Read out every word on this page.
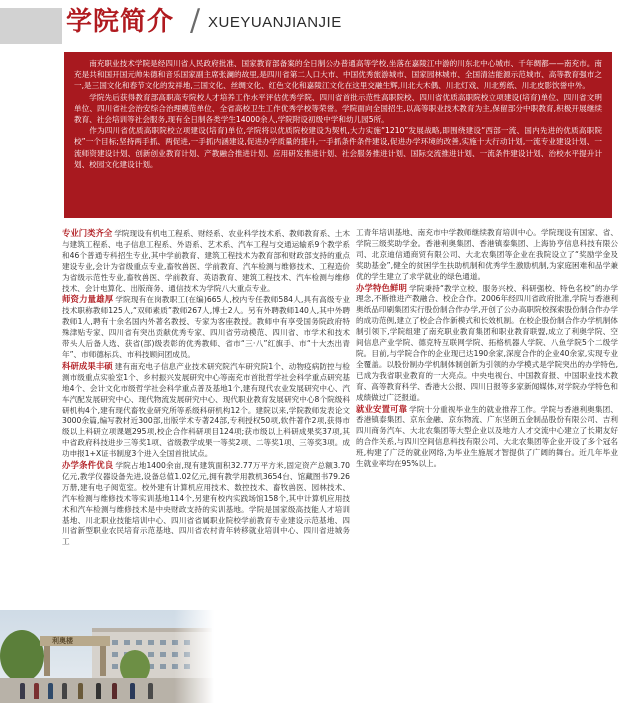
学院简介 / XUEYUANJIANJIE

南充职业技术学院是经四川省人民政府批准、国家教育部备案的全日制公办普通高等学校,坐落在嘉陵江中游的川东北中心城市、千年绸都——南充市。南充是共和国开国元帅朱德和音乐国家副主席张澜的故里,是四川省第二人口大市、中国优秀旅游城市、国家园林城市、全国清洁能源示范城市、高等教育强市之一,是三国文化和春节文化的发祥地,三国文化、丝绸文化、红色文化和嘉陵江文化在这里交融生辉,川北大木偶、川北灯戏、川北剪纸、川北皮影饮誉中外。

学院先后获得教育部高职高专院校人才培养工作水平评估优秀学院、四川省首批示范性高职院校、四川省优质高职院校立项建设(培育)单位、四川省文明单位、四川省社会治安综合治理模范单位、全省高校卫生工作优秀学校等荣誉。学院面向全国招生,以高等职业技术教育为主,保留部分中职教育,积极开展继续教育、社会培训等社会服务,现有全日制各类学生14000余人,学院附设初级中学和幼儿园5所。

作为四川省优质高职院校立项建设(培育)单位,学院将以优质院校建设为契机,大力实施“1210”发展战略,即围绕建设“西部一流、国内先进的优质高职院校”一个目标;坚持两手抓、两促进,一手抓内涵建设,促进办学质量的提升,一手抓条件条件建设,促进办学环境的改善,实施十大行动计划,一流专业建设计划、一流师资建设计划、创新创业教育计划、产教融合推进计划、应用研发推进计划、社会服务推进计划、国际交流推进计划、一流条件建设计划、治校水平提升计划、校园文化建设计划。

专业门类齐全 学院现设有机电工程系、财经系、农业科学技术系、教师教育系、土木与建筑工程系、电子信息工程系、外语系、艺术系、汽车工程与交通运输系9个教学系和46个普通专科招生专业,其中学前教育、建筑工程技术为教育部和财政部支持的重点建设专业,会计为省级重点专业,畜牧兽医、学前教育、汽车检测与维修技术、工程造价为省级示范性专业,畜牧兽医、学前教育、英语教育、建筑工程技术、汽车检测与维修技术、会计电算化、出版商务、通信技术为学院八大重点专业。

师资力量雄厚 学院现有在岗教职工(在编)665人,校内专任教师584人,具有高级专业技术职称教师125人,“双师素质”教师267人,博士2人。另有外聘教师140人,其中外聘教师1人,聘有十余名国内外著名教授、专家为客座教授。教师中有享受国务院政府特殊津贴专家、四川省有突出贡献优秀专家、四川省劳动模范、四川省、市学术和技术带头人后备人选、获省(部)级表彰的优秀教师、省市“三·八”红旗手、市“十大杰出青年”、市师德标兵、市科技顾问团成员。

科研成果丰硕 建有南充电子信息产业技术研究院汽车研究院1个、动物疫病防控与检测市级重点实验室1个、乡村振兴发展研究中心等南充市首批哲学社会科学重点研究基地4个、会计文化市级哲学社会科学重点普及基地1个,建有现代农业发展研究中心、汽车汽配发展研究中心、现代物流发展研究中心、现代职业教育发展研究中心8个院级科研机构4个,建有现代畜牧业研究所等系级科研机构12个。建院以来,学院教师发表论文3000余篇,编写教材近300部,出版学术专著24部,专利授权50项,软件著作2项,获得市级以上科研立项课题295项,校企合作科研项目124项;获市级以上科研成果奖37项,其中省政府科技进步三等奖1项、省级教学成果一等奖2项、二等奖1项、三等奖3项。成功申报1+X证书制度3个进入全国首批试点。

办学条件优良 学院占地1400余亩,现有建筑面积32.77万平方米,固定资产总额3.70亿元,教学仪器设备先进,设备总值1.02亿元,拥有教学用教机3654台、馆藏图书79.26万册,建有电子阅览室。校外建有计算机应用技术、数控技术、畜牧兽医、园林技术、汽车检测与维修技术等实训基地114个,另建有校内实践场馆158个,其中计算机应用技术和汽车检测与维修技术是中央财政支持的实训基地。学院是国家级高技能人才培训基地、川北职业技能培训中心、四川省省属职业院校学前教育专业建设示范基地、四川省新型职业农民培育示范基地、四川省农村青年转移就业培训中心、四川省进城务工

工青年培训基地、南充市中学教师继续教育培训中心。学院现设有国家、省、学院三级奖助学金。香港利奥集团、香港镇泰集团、上海协亨信息科技有限公司、北京迪信通商贸有限公司、大北农集团等企业在我院设立了“奖励学金及奖助基金”,健全的贫困学生扶助机制和优秀学生激励机制,为家庭困难和品学兼优的学生建立了求学就业的绿色通道。

办学特色鲜明 学院秉持“教学立校、服务兴校、科研强校、特色名校”的办学理念,不断推进产教融合、校企合作。2006年经四川省政府批准,学院与香港利奥纸品印刷集团实行股份制合作办学,开创了公办高职院校探索股份制合作办学的成功范例,建立了校企合作新模式和长效机制。在校企股份制合作办学机制体制引领下,学院组建了南充职业教育集团和职业教育联盟,成立了利奥学院、空间信息产业学院、德克特互联网学院、拓格机器人学院、八鱼学院5个二级学院。目前,与学院合作的企业现已达190余家,深度合作的企业40余家,实现专业全覆盖。以股份制办学机制体制创新为引领的办学模式是学院突出的办学特色,已成为我省职业教育的一大亮点。中央电视台、中国教育报、中国职业技术教育、高等教育科学、香港大公报、四川日报等多家新闻媒体,对学院办学特色和成绩做过广泛报道。

就业安置可靠 学院十分重视毕业生的就业推荐工作。学院与香港利奥集团、香港镇泰集团、京东金融、京东物流、广东坚朗五金制品股份有限公司、吉利四川商务汽车、大北农集团等大型企业以及地方人才交流中心建立了长期友好的合作关系,与四川空间信息科技有限公司、大北农集团等企业开设了多个冠名班,构建了广泛的就业网络,为毕业生施展才智提供了广阔的舞台。近几年毕业生就业率均在95%以上。

利奥楼
